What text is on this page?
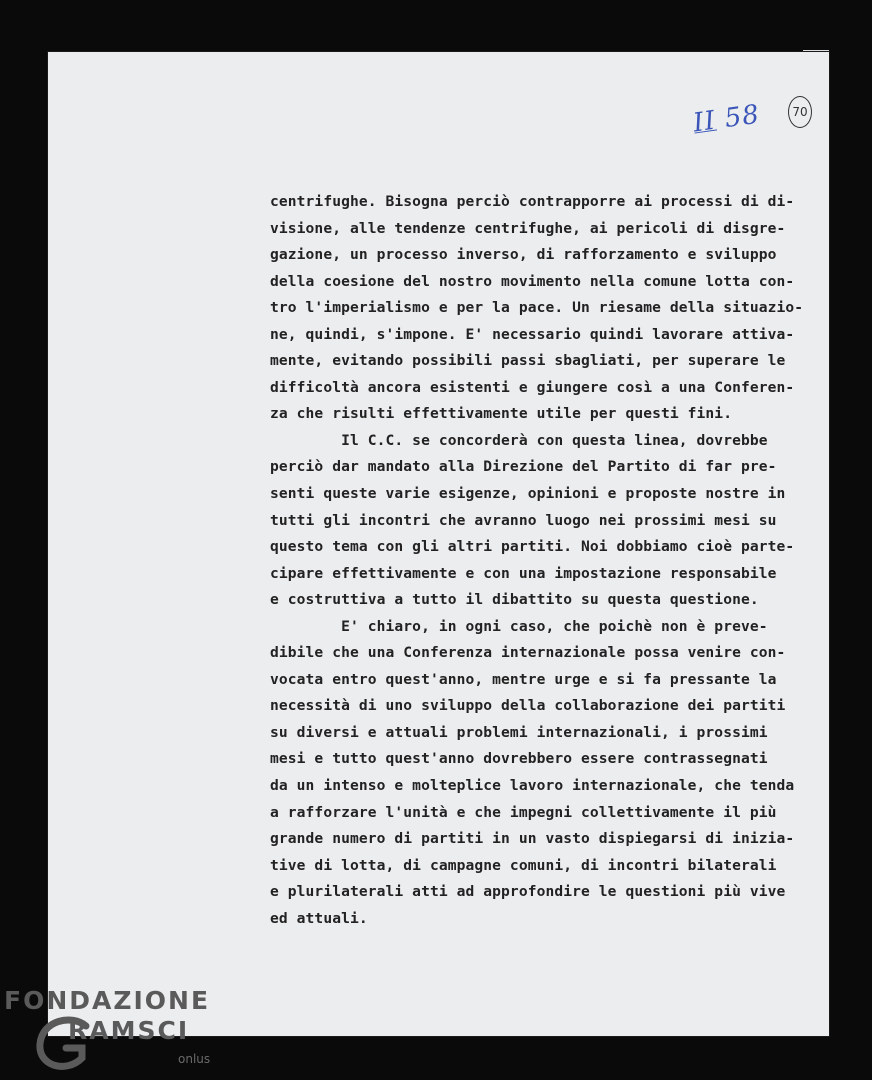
II 58	70
centrifughe. Bisogna perciò contrapporre ai processi di di-
visione, alle tendenze centrifughe, ai pericoli di disgre-
gazione, un processo inverso, di rafforzamento e sviluppo
della coesione del nostro movimento nella comune lotta con-
tro l'imperialismo e per la pace. Un riesame della situazio-
ne, quindi, s'impone. E' necessario quindi lavorare attiva-
mente, evitando possibili passi sbagliati, per superare le
difficoltà ancora esistenti e giungere così a una Conferen-
za che risulti effettivamente utile per questi fini.
Il C.C. se concorderà con questa linea, dovrebbe
perciò dar mandato alla Direzione del Partito di far pre-
senti queste varie esigenze, opinioni e proposte nostre in
tutti gli incontri che avranno luogo nei prossimi mesi su
questo tema con gli altri partiti. Noi dobbiamo cioè parte-
cipare effettivamente e con una impostazione responsabile
e costruttiva a tutto il dibattito su questa questione.
E' chiaro, in ogni caso, che poichè non è preve-
dibile che una Conferenza internazionale possa venire con-
vocata entro quest'anno, mentre urge e si fa pressante la
necessità di uno sviluppo della collaborazione dei partiti
su diversi e attuali problemi internazionali, i prossimi
mesi e tutto quest'anno dovrebbero essere contrassegnati
da un intenso e molteplice lavoro internazionale, che tenda
a rafforzare l'unità e che impegni collettivamente il più
grande numero di partiti in un vasto dispiegarsi di inizia-
tive di lotta, di campagne comuni, di incontri bilaterali
e plurilaterali atti ad approfondire le questioni più vive
ed attuali.
FONDAZIONE
RAMSCI
onlus
